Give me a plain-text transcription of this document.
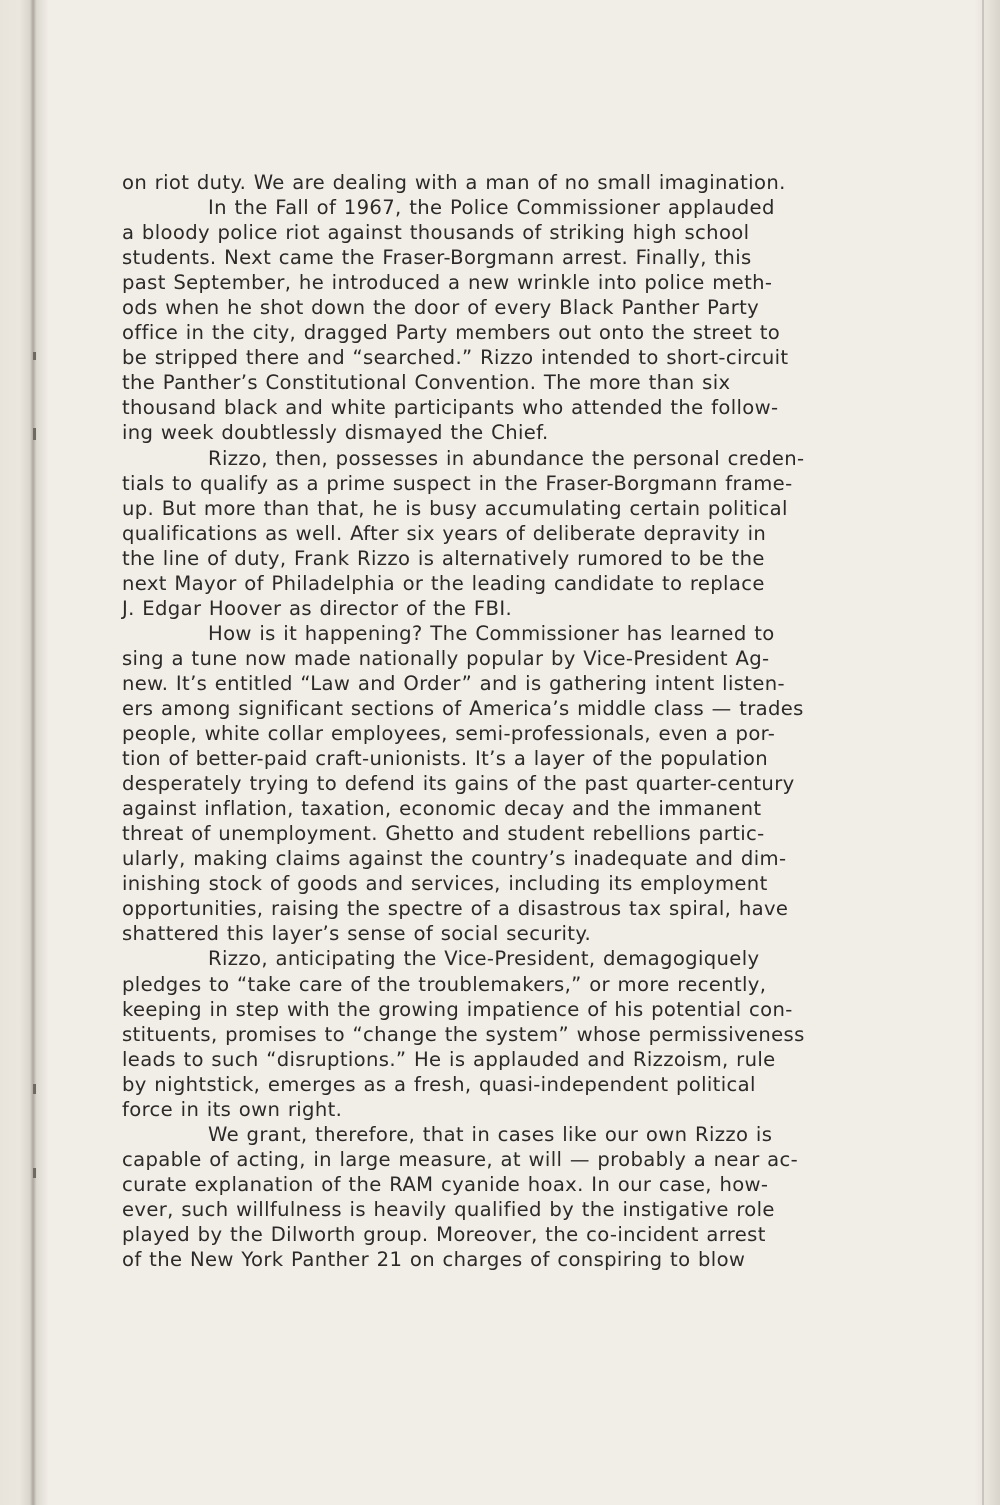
on riot duty. We are dealing with a man of no small imagination.
In the Fall of 1967, the Police Commissioner applauded
a bloody police riot against thousands of striking high school
students. Next came the Fraser-Borgmann arrest. Finally, this
past September, he introduced a new wrinkle into police meth-
ods when he shot down the door of every Black Panther Party
office in the city, dragged Party members out onto the street to
be stripped there and “searched.” Rizzo intended to short-circuit
the Panther’s Constitutional Convention. The more than six
thousand black and white participants who attended the follow-
ing week doubtlessly dismayed the Chief.
Rizzo, then, possesses in abundance the personal creden-
tials to qualify as a prime suspect in the Fraser-Borgmann frame-
up. But more than that, he is busy accumulating certain political
qualifications as well. After six years of deliberate depravity in
the line of duty, Frank Rizzo is alternatively rumored to be the
next Mayor of Philadelphia or the leading candidate to replace
J. Edgar Hoover as director of the FBI.
How is it happening? The Commissioner has learned to
sing a tune now made nationally popular by Vice-President Ag-
new. It’s entitled “Law and Order” and is gathering intent listen-
ers among significant sections of America’s middle class — trades
people, white collar employees, semi-professionals, even a por-
tion of better-paid craft-unionists. It’s a layer of the population
desperately trying to defend its gains of the past quarter-century
against inflation, taxation, economic decay and the immanent
threat of unemployment. Ghetto and student rebellions partic-
ularly, making claims against the country’s inadequate and dim-
inishing stock of goods and services, including its employment
opportunities, raising the spectre of a disastrous tax spiral, have
shattered this layer’s sense of social security.
Rizzo, anticipating the Vice-President, demagogiquely
pledges to “take care of the troublemakers,” or more recently,
keeping in step with the growing impatience of his potential con-
stituents, promises to “change the system” whose permissiveness
leads to such “disruptions.” He is applauded and Rizzoism, rule
by nightstick, emerges as a fresh, quasi-independent political
force in its own right.
We grant, therefore, that in cases like our own Rizzo is
capable of acting, in large measure, at will — probably a near ac-
curate explanation of the RAM cyanide hoax. In our case, how-
ever, such willfulness is heavily qualified by the instigative role
played by the Dilworth group. Moreover, the co-incident arrest
of the New York Panther 21 on charges of conspiring to blow
